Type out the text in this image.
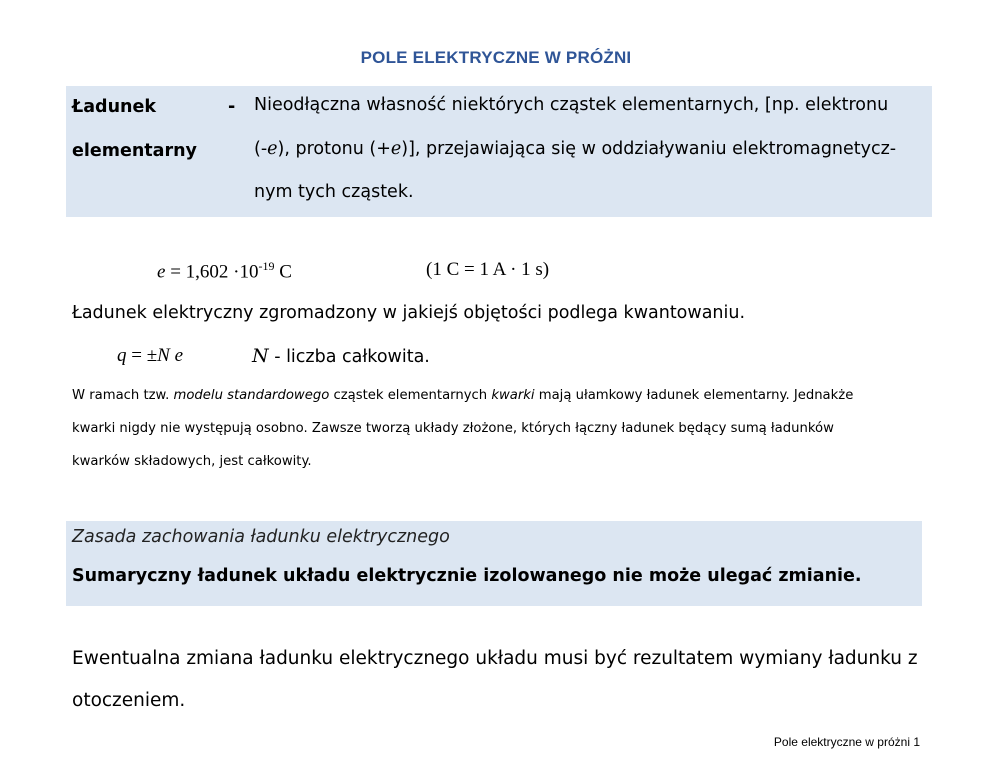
POLE ELEKTRYCZNE W PRÓŻNI
Ładunek
elementarny
- Nieodłączna własność niektórych cząstek elementarnych, [np. elektronu
(-e), protonu (+e)], przejawiająca się w oddziaływaniu elektromagnetycz-
nym tych cząstek.
$e = 1,602 \cdot 10^{-19}$ C	(1 C = 1 A · 1 s)
Ładunek elektryczny zgromadzony w jakiejś objętości podlega kwantowaniu.
q = ±N e	N - liczba całkowita.
W ramach tzw. modelu standardowego cząstek elementarnych kwarki mają ułamkowy ładunek elementarny. Jednakże
kwarki nigdy nie występują osobno. Zawsze tworzą układy złożone, których łączny ładunek będący sumą ładunków
kwarków składowych, jest całkowity.
Zasada zachowania ładunku elektrycznego
Sumaryczny ładunek układu elektrycznie izolowanego nie może ulegać zmianie.
Ewentualna zmiana ładunku elektrycznego układu musi być rezultatem wymiany ładunku z
otoczeniem.
Pole elektryczne w próżni 1
